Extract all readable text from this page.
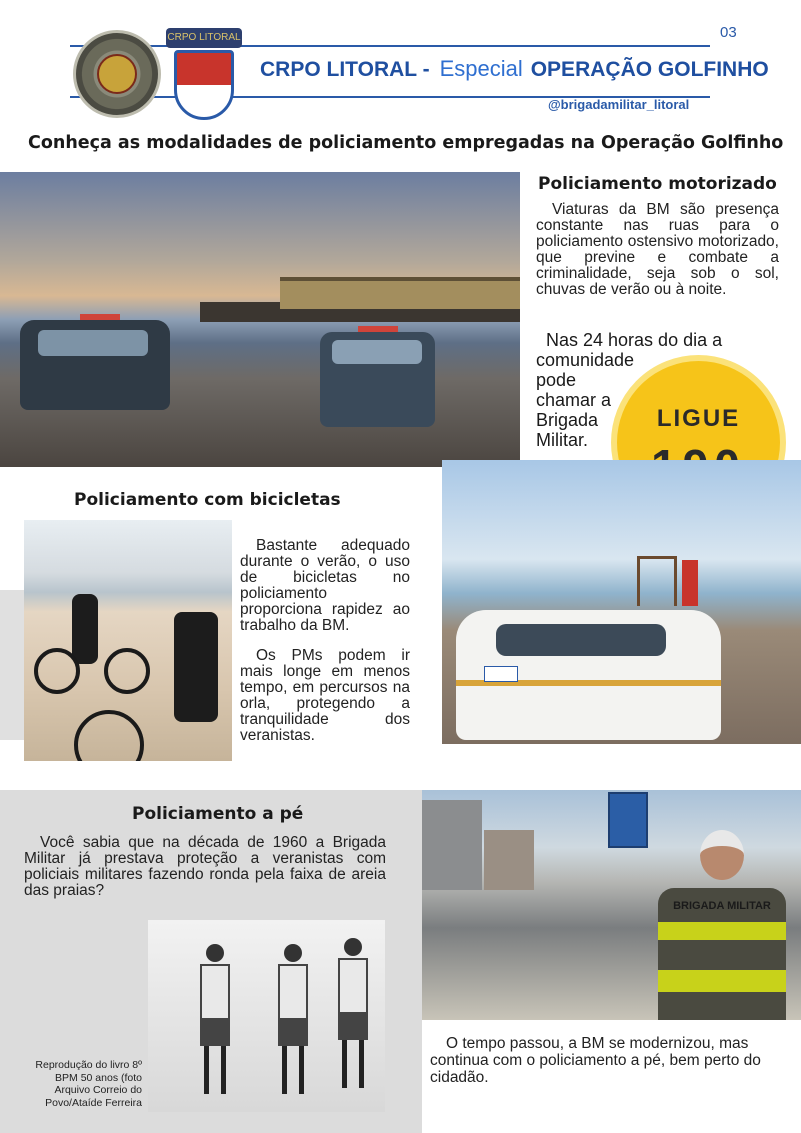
03
CRPO LITORAL
CRPO LITORAL - Especial OPERAÇÃO GOLFINHO
@brigadamilitar_litoral
Conheça as modalidades de policiamento empregadas na Operação Golfinho
Policiamento motorizado
Viaturas da BM são presença constante nas ruas para o policiamento ostensivo motorizado, que previne e combate a criminalidade, seja sob o sol, chuvas de verão ou à noite.
Nas 24 horas do dia a
comunidade pode chamar a Brigada Militar.
LIGUE
Policiamento com bicicletas
Bastante adequado durante o verão, o uso de bicicletas no policiamento proporciona rapidez ao trabalho da BM.
Os PMs podem ir mais longe em menos tempo, em percursos na orla, protegendo a tranquilidade dos veranistas.
Policiamento a pé
Você sabia que na década de 1960 a Brigada Militar já prestava proteção a veranistas com policiais militares fazendo ronda pela faixa de areia das praias?
Reprodução do livro 8º BPM 50 anos (foto Arquivo Correio do Povo/Ataíde Ferreira
BRIGADA MILITAR
O tempo passou, a BM se modernizou, mas continua com o policiamento a pé, bem perto do cidadão.
